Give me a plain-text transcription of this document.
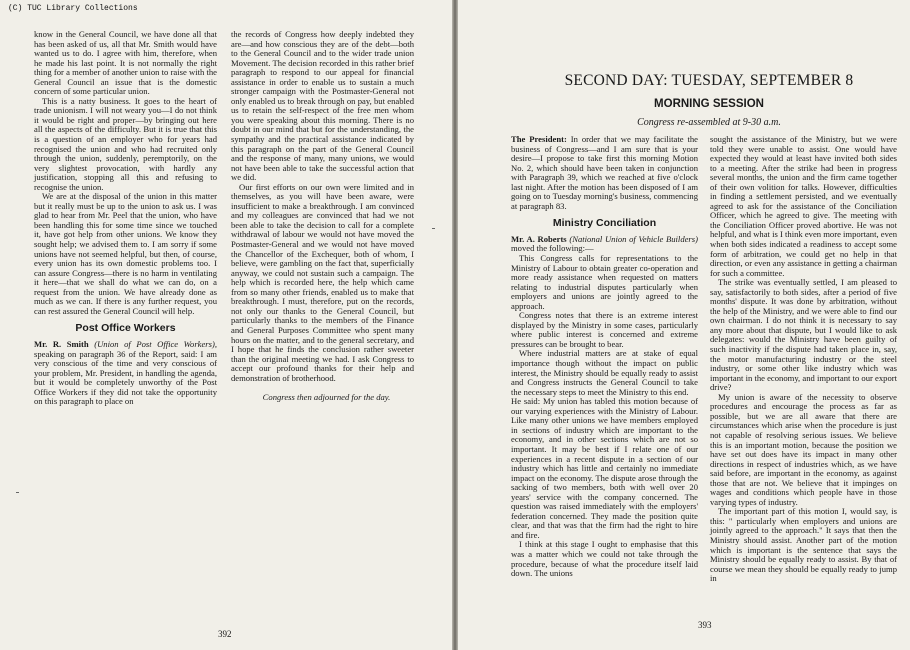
(C) TUC Library Collections

know in the General Council, we have done all that has been asked of us, all that Mr. Smith would have wanted us to do. I agree with him, therefore, when he made his last point. It is not normally the right thing for a member of another union to raise with the General Council an issue that is the domestic concern of some particular union.

This is a natty business. It goes to the heart of trade unionism. I will not weary you—I do not think it would be right and proper—by bringing out here all the aspects of the difficulty. But it is true that this is a question of an employer who for years had recognised the union and who had recruited only through the union, suddenly, peremptorily, on the very slightest provocation, with hardly any justification, stopping all this and refusing to recognise the union.

We are at the disposal of the union in this matter but it really must be up to the union to ask us. I was glad to hear from Mr. Peel that the union, who have been handling this for some time since we touched it, have got help from other unions. We know they sought help; we advised them to. I am sorry if some unions have not seemed helpful, but then, of course, every union has its own domestic problems too. I can assure Congress—there is no harm in ventilating it here—that we shall do what we can do, on a request from the union. We have already done as much as we can. If there is any further request, you can rest assured the General Council will help.

Post Office Workers

Mr. R. Smith (Union of Post Office Workers), speaking on paragraph 36 of the Report, said: I am very conscious of the time and very conscious of your problem, Mr. President, in handling the agenda, but it would be completely unworthy of the Post Office Workers if they did not take the opportunity on this paragraph to place on

the records of Congress how deeply indebted they are—and how conscious they are of the debt—both to the General Council and to the wider trade union Movement. The decision recorded in this rather brief paragraph to respond to our appeal for financial assistance in order to enable us to sustain a much stronger campaign with the Postmaster-General not only enabled us to break through on pay, but enabled us to retain the self-respect of the free men whom you were speaking about this morning. There is no doubt in our mind that but for the understanding, the sympathy and the practical assistance indicated by this paragraph on the part of the General Council and the response of many, many unions, we would not have been able to take the successful action that we did.

Our first efforts on our own were limited and in themselves, as you will have been aware, were insufficient to make a breakthrough. I am convinced and my colleagues are convinced that had we not been able to take the decision to call for a complete withdrawal of labour we would not have moved the Postmaster-General and we would not have moved the Chancellor of the Exchequer, both of whom, I believe, were gambling on the fact that, superficially anyway, we could not sustain such a campaign. The help which is recorded here, the help which came from so many other friends, enabled us to make that breakthrough. I must, therefore, put on the records, not only our thanks to the General Council, but particularly thanks to the members of the Finance and General Purposes Committee who spent many hours on the matter, and to the general secretary, and I hope that he finds the conclusion rather sweeter than the original meeting we had. I ask Congress to accept our profound thanks for their help and demonstration of brotherhood.

Congress then adjourned for the day.

392
SECOND DAY: TUESDAY, SEPTEMBER 8
MORNING SESSION
Congress re-assembled at 9-30 a.m.

The President: In order that we may facilitate the business of Congress—and I am sure that is your desire—I propose to take first this morning Motion No. 2, which should have been taken in conjunction with Paragraph 39, which we reached at five o'clock last night. After the motion has been disposed of I am going on to Tuesday morning's business, commencing at paragraph 83.

Ministry Conciliation

Mr. A. Roberts (National Union of Vehicle Builders) moved the following:—

This Congress calls for representations to the Ministry of Labour to obtain greater co-operation and more ready assistance when requested on matters relating to industrial disputes particularly when employers and unions are jointly agreed to the approach.

Congress notes that there is an extreme interest displayed by the Ministry in some cases, particularly where public interest is concerned and extreme pressures can be brought to bear.

Where industrial matters are at stake of equal importance though without the impact on public interest, the Ministry should be equally ready to assist and Congress instructs the General Council to take the necessary steps to meet the Ministry to this end.

He said: My union has tabled this motion because of our varying experiences with the Ministry of Labour. Like many other unions we have members employed in sections of industry which are important to the economy, and in other sections which are not so important. It may be best if I relate one of our experiences in a recent dispute in a section of our industry which has little and certainly no immediate impact on the economy. The dispute arose through the sacking of two members, both with well over 20 years' service with the company concerned. The question was raised immediately with the employers' federation concerned. They made the position quite clear, and that was that the firm had the right to hire and fire.

I think at this stage I ought to emphasise that this was a matter which we could not take through the procedure, because of what the procedure itself laid down. The unions

sought the assistance of the Ministry, but we were told they were unable to assist. One would have expected they would at least have invited both sides to a meeting. After the strike had been in progress several months, the union and the firm came together of their own volition for talks. However, difficulties in finding a settlement persisted, and we eventually agreed to ask for the assistance of the Conciliation Officer, which he agreed to give. The meeting with the Conciliation Officer proved abortive. He was not helpful, and what is I think even more important, even when both sides indicated a readiness to accept some form of arbitration, we could get no help in that direction, or even any assistance in getting a chairman for such a committee.

The strike was eventually settled, I am pleased to say, satisfactorily to both sides, after a period of five months' dispute. It was done by arbitration, without the help of the Ministry, and we were able to find our own chairman. I do not think it is necessary to say any more about that dispute, but I would like to ask delegates: would the Ministry have been guilty of such inactivity if the dispute had taken place in, say, the motor manufacturing industry or the steel industry, or some other like industry which was important in the economy, and important to our export drive?

My union is aware of the necessity to observe procedures and encourage the process as far as possible, but we are all aware that there are circumstances which arise when the procedure is just not capable of resolving serious issues. We believe this is an important motion, because the position we have set out does have its impact in many other directions in respect of industries which, as we have said before, are important in the economy, as against those that are not. We believe that it impinges on wages and conditions which people have in those varying types of industry.

The important part of this motion I, would say, is this: " particularly when employers and unions are jointly agreed to the approach." It says that then the Ministry should assist. Another part of the motion which is important is the sentence that says the Ministry should be equally ready to assist. By that of course we mean they should be equally ready to jump in

393
